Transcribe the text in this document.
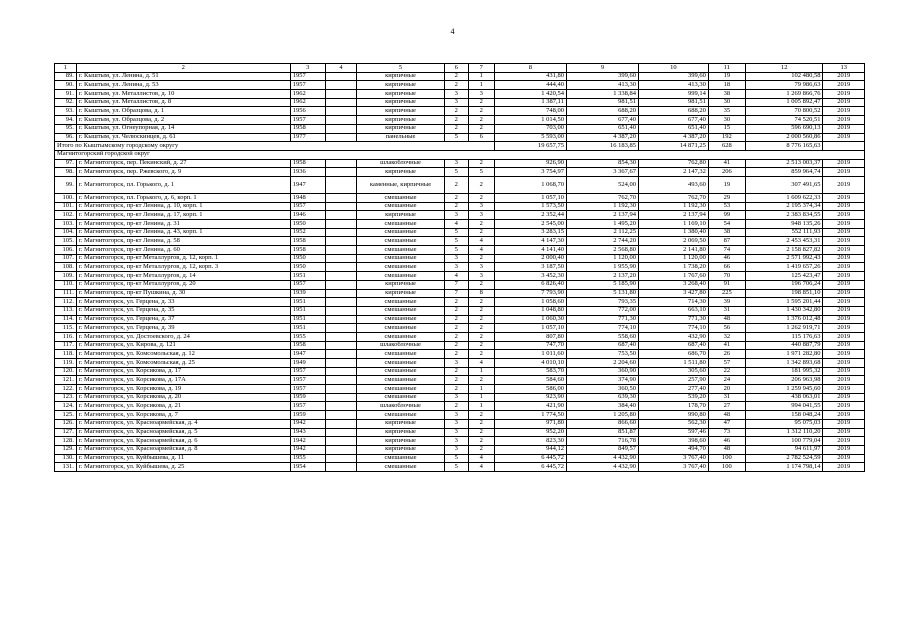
4
1	2	3	4	5	6	7	8	9	10	11	12	13
89.	г. Кыштым, ул. Ленина, д. 51	1957		кирпичные	2	1	431,80	399,60	399,60	19	102 480,58	2019
90.	г. Кыштым, ул. Ленина, д. 53	1957		кирпичные	2	1	444,40	413,30	413,30	18	79 986,63	2019
91.	г. Кыштым, ул. Металлистов, д. 10	1962		кирпичные	3	3	1 420,54	1 338,84	999,14	38	1 269 866,76	2019
92.	г. Кыштым, ул. Металлистов, д. 8	1962		кирпичные	3	2	1 387,11	981,51	981,51	30	1 005 892,47	2019
93.	г. Кыштым, ул. Образцова, д. 1	1956		кирпичные	2	2	748,00	688,20	688,20	35	70 800,52	2019
94.	г. Кыштым, ул. Образцова, д. 2	1957		кирпичные	2	2	1 014,50	677,40	677,40	30	74 520,51	2019
95.	г. Кыштым, ул. Огнеупорная, д. 14	1958		кирпичные	2	2	703,00	651,40	651,40	15	596 690,13	2019
96.	г. Кыштым, ул. Челюскинцев, д. 61	1977		панельные	5	6	5 593,00	4 387,20	4 387,20	192	2 000 560,86	2019
Итого по Кыштымскому городскому округу							19 657,75	16 183,85	14 871,25	628	8 776 165,63	
Магнитогорский городской округ												
97.	г. Магнитогорск, пер. Пекинский, д. 27	1958		шлакоблочные	3	2	926,90	854,30	762,80	41	2 513 003,37	2019
98.	г. Магнитогорск, пер. Ржевского, д. 9	1936		кирпичные	5	5	3 754,97	3 367,67	2 147,32	206	859 964,74	2019
99.	г. Магнитогорск, пл. Горького, д. 1	1947		каменные, кирпичные	2	2	1 068,70	524,00	493,60	19	307 491,65	2019
100.	г. Магнитогорск, пл. Горького, д. 6, корп. 1	1948		смешанные	2	2	1 057,10	762,70	762,70	29	1 609 622,33	2019
101.	г. Магнитогорск, пр-кт Ленина, д. 10, корп. 1	1957		смешанные	2	3	1 573,50	1 192,30	1 192,30	53	2 195 374,34	2019
102.	г. Магнитогорск, пр-кт Ленина, д. 17, корп. 1	1946		кирпичные	3	3	2 352,44	2 137,94	2 137,94	99	2 383 834,55	2019
103.	г. Магнитогорск, пр-кт Ленина, д. 31	1950		смешанные	4	2	2 545,00	1 495,20	1 169,10	54	948 135,26	2019
104.	г. Магнитогорск, пр-кт Ленина, д. 43, корп. 1	1952		смешанные	5	2	3 283,15	2 112,25	1 380,40	38	552 111,93	2019
105.	г. Магнитогорск, пр-кт Ленина, д. 58	1958		смешанные	5	4	4 147,30	2 744,20	2 069,50	87	2 453 453,31	2019
106.	г. Магнитогорск, пр-кт Ленина, д. 60	1958		смешанные	5	4	4 141,40	2 568,80	2 141,80	74	2 158 827,82	2019
107.	г. Магнитогорск, пр-кт Металлургов, д. 12, корп. 1	1950		смешанные	3	2	2 000,40	1 120,00	1 120,00	46	2 571 992,43	2019
108.	г. Магнитогорск, пр-кт Металлургов, д. 12, корп. 3	1950		смешанные	3	3	3 187,50	1 955,90	1 738,20	66	1 419 657,26	2019
109.	г. Магнитогорск, пр-кт Металлургов, д. 14	1951		смешанные	4	3	3 452,30	2 137,20	1 767,60	70	125 423,47	2019
110.	г. Магнитогорск, пр-кт Металлургов, д. 20	1957		кирпичные	7	2	6 826,40	5 185,90	3 268,40	91	196 706,24	2019
111.	г. Магнитогорск, пр-кт Пушкина, д. 30	1939		кирпичные	7	8	7 793,90	5 131,80	3 427,80	225	198 851,10	2019
112.	г. Магнитогорск, ул. Герцена, д. 33	1951		смешанные	2	2	1 058,60	793,35	714,30	39	1 595 201,44	2019
113.	г. Магнитогорск, ул. Герцена, д. 35	1951		смешанные	2	2	1 048,80	772,00	663,10	31	1 430 342,80	2019
114.	г. Магнитогорск, ул. Герцена, д. 37	1951		смешанные	2	2	1 060,30	771,30	771,30	48	1 376 012,48	2019
115.	г. Магнитогорск, ул. Герцена, д. 39	1951		смешанные	2	2	1 057,10	774,10	774,10	56	1 262 919,71	2019
116.	г. Магнитогорск, ул. Достоевского, д. 24	1955		смешанные	2	2	807,80	558,60	432,90	32	115 176,63	2019
117.	г. Магнитогорск, ул. Кирова, д. 121	1958		шлакоблочные	2	2	747,70	687,40	687,40	41	440 887,79	2019
118.	г. Магнитогорск, ул. Комсомольская, д. 12	1947		смешанные	2	2	1 011,60	753,50	686,70	26	1 971 282,80	2019
119.	г. Магнитогорск, ул. Комсомольская, д. 25	1949		смешанные	3	4	4 010,10	2 204,60	1 511,80	57	1 342 893,68	2019
120.	г. Магнитогорск, ул. Корсикова, д. 17	1957		смешанные	2	1	583,70	360,90	305,60	22	181 995,32	2019
121.	г. Магнитогорск, ул. Корсикова, д. 17А	1957		смешанные	2	2	584,60	374,90	257,90	24	206 963,98	2019
122.	г. Магнитогорск, ул. Корсикова, д. 19	1957		смешанные	2	1	586,00	360,50	277,40	20	1 259 945,60	2019
123.	г. Магнитогорск, ул. Корсикова, д. 20	1959		смешанные	3	1	923,90	639,30	539,20	31	438 063,01	2019
124.	г. Магнитогорск, ул. Корсикова, д. 21	1957		шлакоблочные	2	1	421,90	384,40	178,70	27	994 041,55	2019
125.	г. Магнитогорск, ул. Корсикова, д. 7	1959		смешанные	3	2	1 774,50	1 205,80	990,80	48	158 048,24	2019
126.	г. Магнитогорск, ул. Красноармейская, д. 4	1942		кирпичные	3	2	971,80	866,60	562,30	47	95 075,03	2019
127.	г. Магнитогорск, ул. Красноармейская, д. 5	1943		кирпичные	3	2	952,20	851,87	597,46	73	1 312 110,20	2019
128.	г. Магнитогорск, ул. Красноармейская, д. 6	1942		кирпичные	3	2	823,30	716,78	398,60	46	100 779,04	2019
129.	г. Магнитогорск, ул. Красноармейская, д. 8	1942		кирпичные	3	2	944,12	849,57	494,70	48	94 611,97	2019
130.	г. Магнитогорск, ул. Куйбышева, д. 11	1955		смешанные	5	4	6 445,72	4 432,90	3 767,40	100	2 782 524,59	2019
131.	г. Магнитогорск, ул. Куйбышева, д. 25	1954		смешанные	5	4	6 445,72	4 432,90	3 767,40	100	1 174 798,14	2019
